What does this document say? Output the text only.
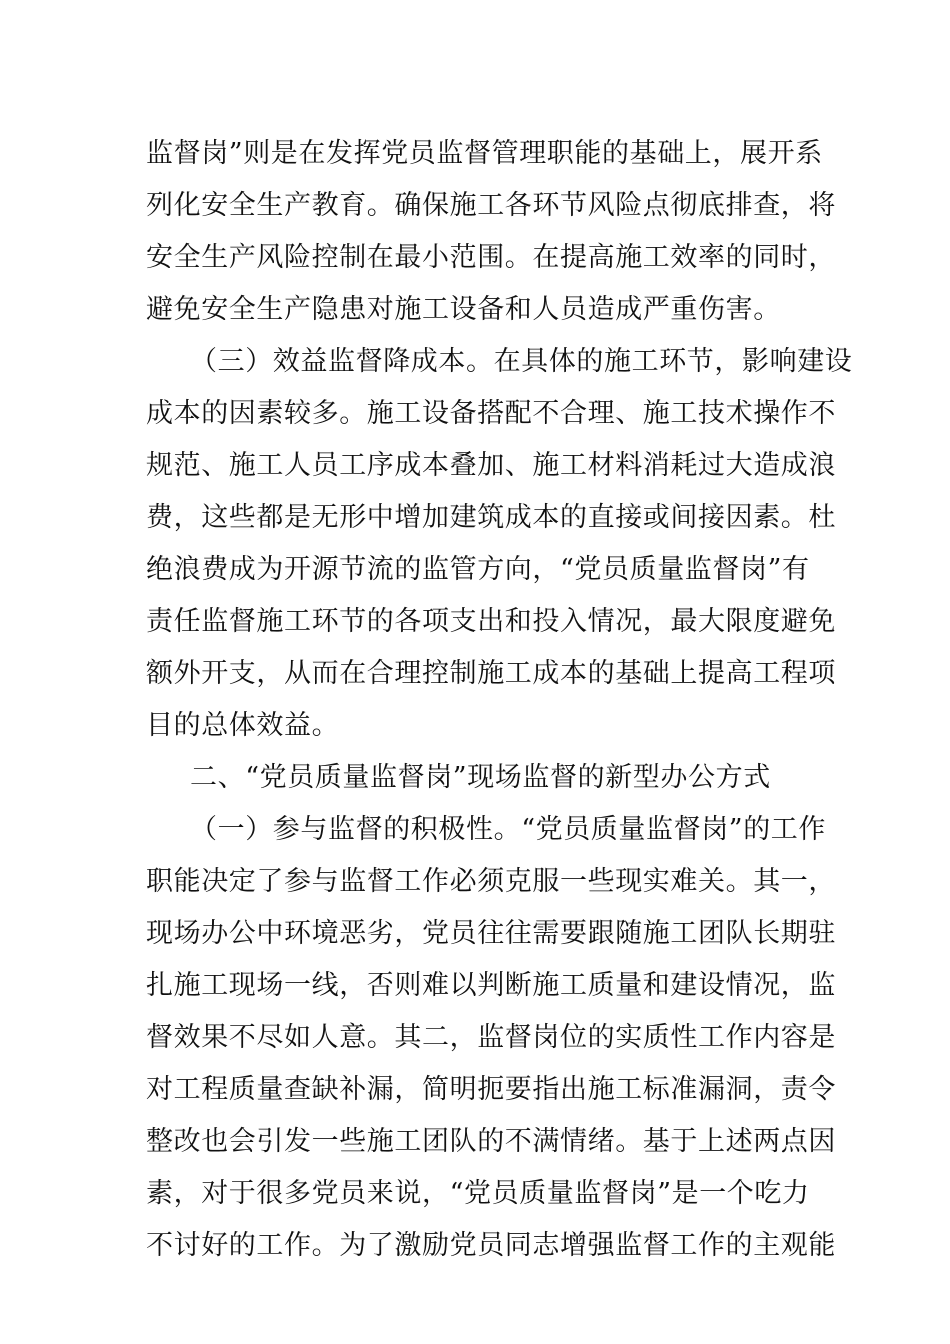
监督岗”则是在发挥党员监督管理职能的基础上，展开系
列化安全生产教育。确保施工各环节风险点彻底排查，将
安全生产风险控制在最小范围。在提高施工效率的同时，
避免安全生产隐患对施工设备和人员造成严重伤害。
（三）效益监督降成本。在具体的施工环节，影响建设
成本的因素较多。施工设备搭配不合理、施工技术操作不
规范、施工人员工序成本叠加、施工材料消耗过大造成浪
费，这些都是无形中增加建筑成本的直接或间接因素。杜
绝浪费成为开源节流的监管方向，“党员质量监督岗”有
责任监督施工环节的各项支出和投入情况，最大限度避免
额外开支，从而在合理控制施工成本的基础上提高工程项
目的总体效益。
二、“党员质量监督岗”现场监督的新型办公方式
（一）参与监督的积极性。“党员质量监督岗”的工作
职能决定了参与监督工作必须克服一些现实难关。其一，
现场办公中环境恶劣，党员往往需要跟随施工团队长期驻
扎施工现场一线，否则难以判断施工质量和建设情况，监
督效果不尽如人意。其二，监督岗位的实质性工作内容是
对工程质量查缺补漏，简明扼要指出施工标准漏洞，责令
整改也会引发一些施工团队的不满情绪。基于上述两点因
素，对于很多党员来说，“党员质量监督岗”是一个吃力
不讨好的工作。为了激励党员同志增强监督工作的主观能
